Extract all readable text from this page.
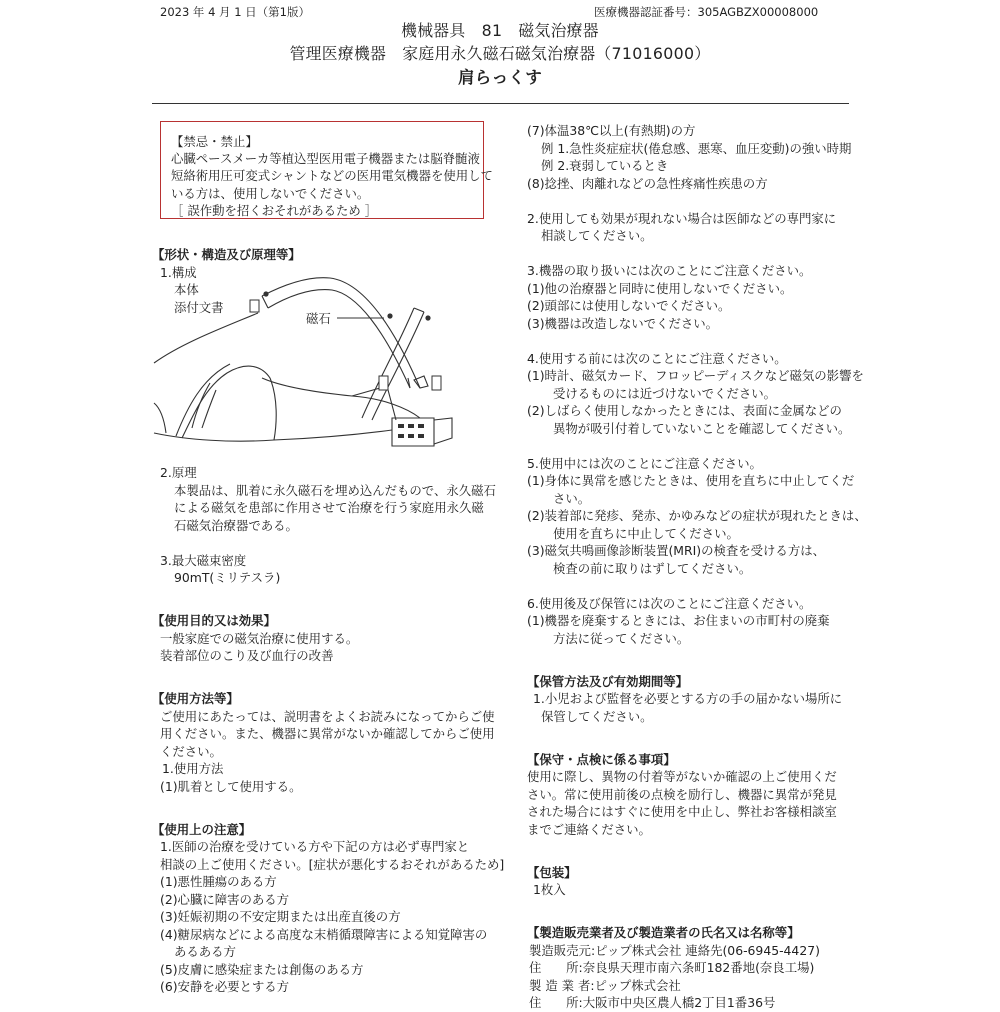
2023 年 4 月 1 日（第1版）	医療機器認証番号：305AGBZX00008000
機械器具　81　磁気治療器
管理医療機器　家庭用永久磁石磁気治療器（71016000）
肩らっくす
【禁忌・禁止】
心臓ペースメーカ等植込型医用電子機器または脳脊髄液
短絡術用圧可変式シャントなどの医用電気機器を使用して
いる方は、使用しないでください。
［ 誤作動を招くおそれがあるため ］
【形状・構造及び原理等】
1.構成
本体
添付文書
磁石
2.原理
本製品は、肌着に永久磁石を埋め込んだもので、永久磁石
による磁気を患部に作用させて治療を行う家庭用永久磁
石磁気治療器である。
3.最大磁束密度
90mT(ミリテスラ)
【使用目的又は効果】
一般家庭での磁気治療に使用する。
装着部位のこり及び血行の改善
【使用方法等】
ご使用にあたっては、説明書をよくお読みになってからご使
用ください。また、機器に異常がないか確認してからご使用
ください。
1.使用方法
(1)肌着として使用する。
【使用上の注意】
1.医師の治療を受けている方や下記の方は必ず専門家と
相談の上ご使用ください。[症状が悪化するおそれがあるため]
(1)悪性腫瘍のある方
(2)心臓に障害のある方
(3)妊娠初期の不安定期または出産直後の方
(4)糖尿病などによる高度な末梢循環障害による知覚障害の
あるある方
(5)皮膚に感染症または創傷のある方
(6)安静を必要とする方
(7)体温38℃以上(有熱期)の方
例 1.急性炎症症状(倦怠感、悪寒、血圧変動)の強い時期
例 2.衰弱しているとき
(8)捻挫、肉離れなどの急性疼痛性疾患の方
2.使用しても効果が現れない場合は医師などの専門家に
相談してください。
3.機器の取り扱いには次のことにご注意ください。
(1)他の治療器と同時に使用しないでください。
(2)頭部には使用しないでください。
(3)機器は改造しないでください。
4.使用する前には次のことにご注意ください。
(1)時計、磁気カード、フロッピーディスクなど磁気の影響を
受けるものには近づけないでください。
(2)しばらく使用しなかったときには、表面に金属などの
異物が吸引付着していないことを確認してください。
5.使用中には次のことにご注意ください。
(1)身体に異常を感じたときは、使用を直ちに中止してくだ
さい。
(2)装着部に発疹、発赤、かゆみなどの症状が現れたときは、
使用を直ちに中止してください。
(3)磁気共鳴画像診断装置(MRI)の検査を受ける方は、
検査の前に取りはずしてください。
6.使用後及び保管には次のことにご注意ください。
(1)機器を廃棄するときには、お住まいの市町村の廃棄
方法に従ってください。
【保管方法及び有効期間等】
1.小児および監督を必要とする方の手の届かない場所に
保管してください。
【保守・点検に係る事項】
使用に際し、異物の付着等がないか確認の上ご使用くだ
さい。常に使用前後の点検を励行し、機器に異常が発見
された場合にはすぐに使用を中止し、弊社お客様相談室
までご連絡ください。
【包装】
1枚入
【製造販売業者及び製造業者の氏名又は名称等】
製造販売元:ピップ株式会社 連絡先(06-6945-4427)
住　　所:奈良県天理市南六条町182番地(奈良工場)
製 造 業 者:ピップ株式会社
住　　所:大阪市中央区農人橋2丁目1番36号
